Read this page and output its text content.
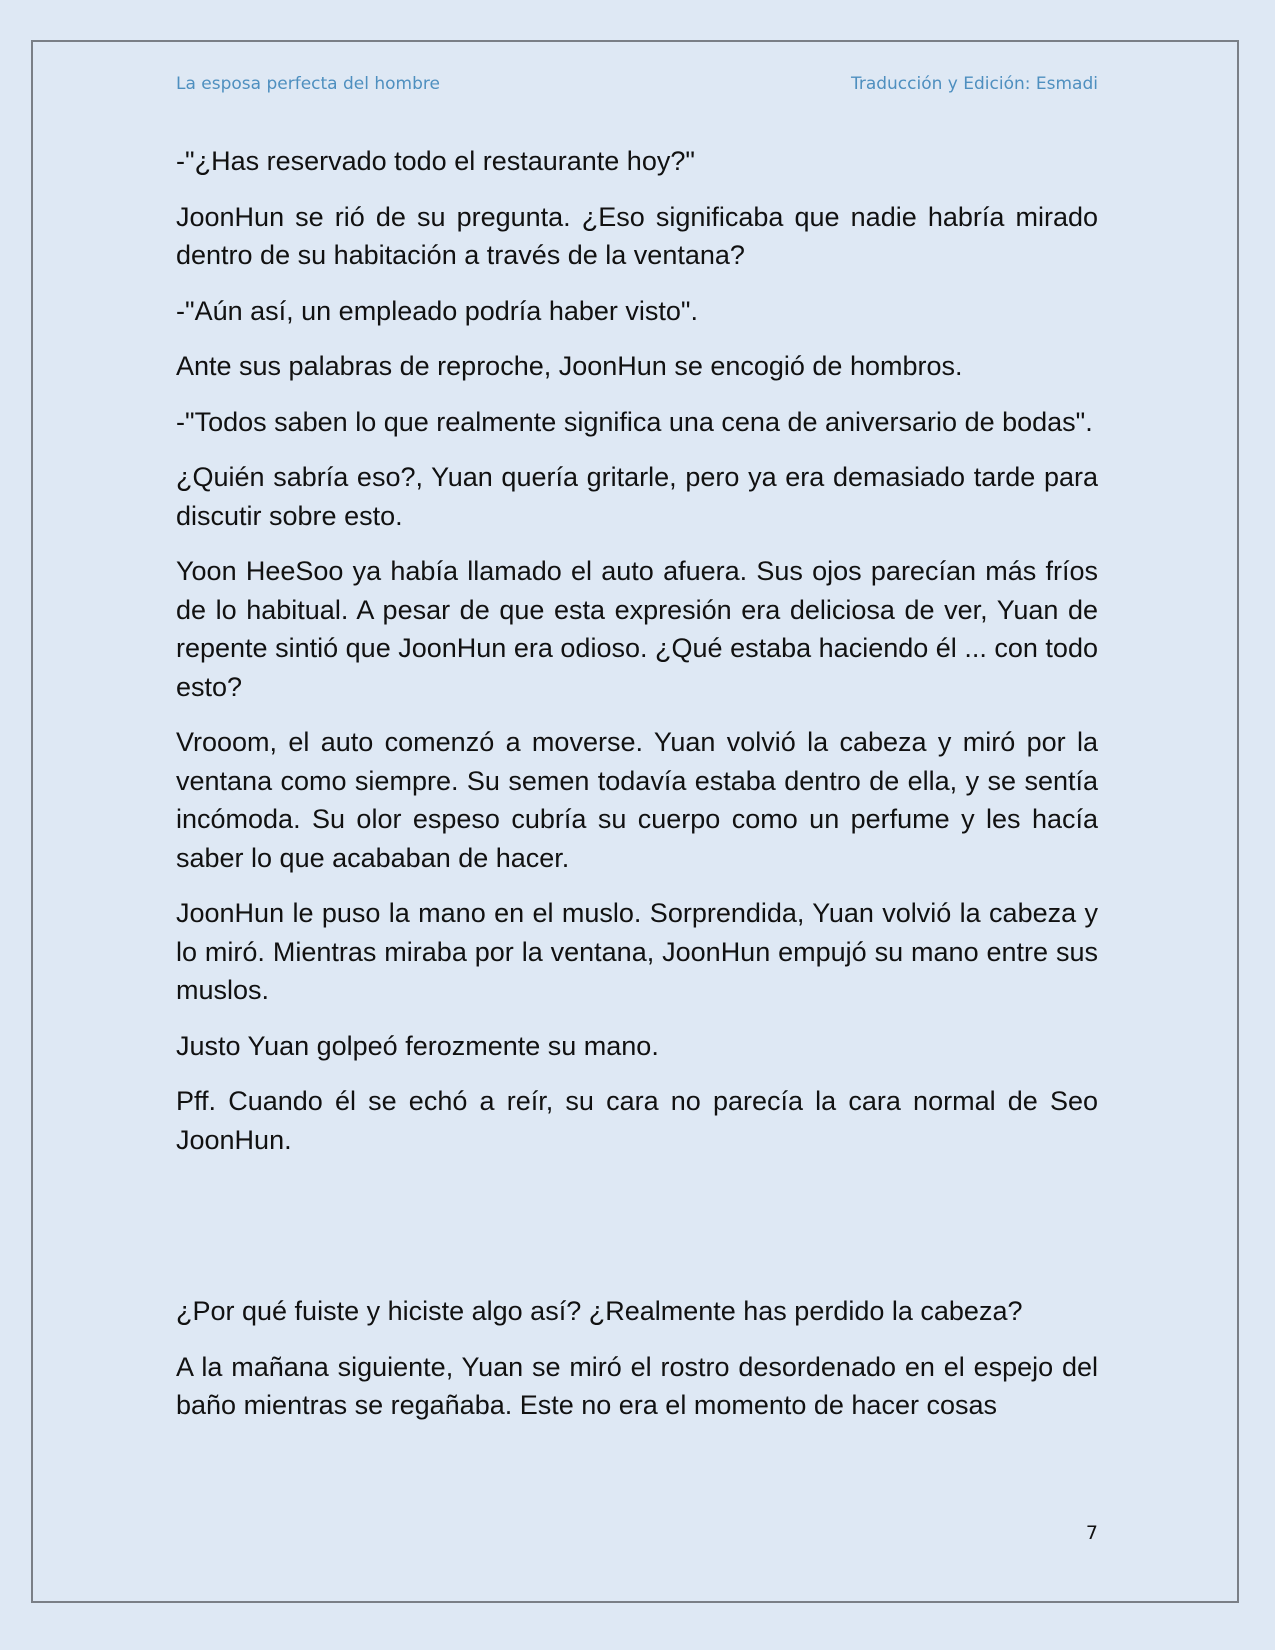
La esposa perfecta del hombre	Traducción y Edición: Esmadi

-"¿Has reservado todo el restaurante hoy?"

JoonHun se rió de su pregunta. ¿Eso significaba que nadie habría mirado dentro de su habitación a través de la ventana?

-"Aún así, un empleado podría haber visto".

Ante sus palabras de reproche, JoonHun se encogió de hombros.

-"Todos saben lo que realmente significa una cena de aniversario de bodas".

¿Quién sabría eso?, Yuan quería gritarle, pero ya era demasiado tarde para discutir sobre esto.

Yoon HeeSoo ya había llamado el auto afuera. Sus ojos parecían más fríos de lo habitual. A pesar de que esta expresión era deliciosa de ver, Yuan de repente sintió que JoonHun era odioso. ¿Qué estaba haciendo él ... con todo esto?

Vrooom, el auto comenzó a moverse. Yuan volvió la cabeza y miró por la ventana como siempre. Su semen todavía estaba dentro de ella, y se sentía incómoda. Su olor espeso cubría su cuerpo como un perfume y les hacía saber lo que acababan de hacer.

JoonHun le puso la mano en el muslo. Sorprendida, Yuan volvió la cabeza y lo miró. Mientras miraba por la ventana, JoonHun empujó su mano entre sus muslos.

Justo Yuan golpeó ferozmente su mano.

Pff. Cuando él se echó a reír, su cara no parecía la cara normal de Seo JoonHun.

¿Por qué fuiste y hiciste algo así? ¿Realmente has perdido la cabeza?

A la mañana siguiente, Yuan se miró el rostro desordenado en el espejo del baño mientras se regañaba. Este no era el momento de hacer cosas

7
